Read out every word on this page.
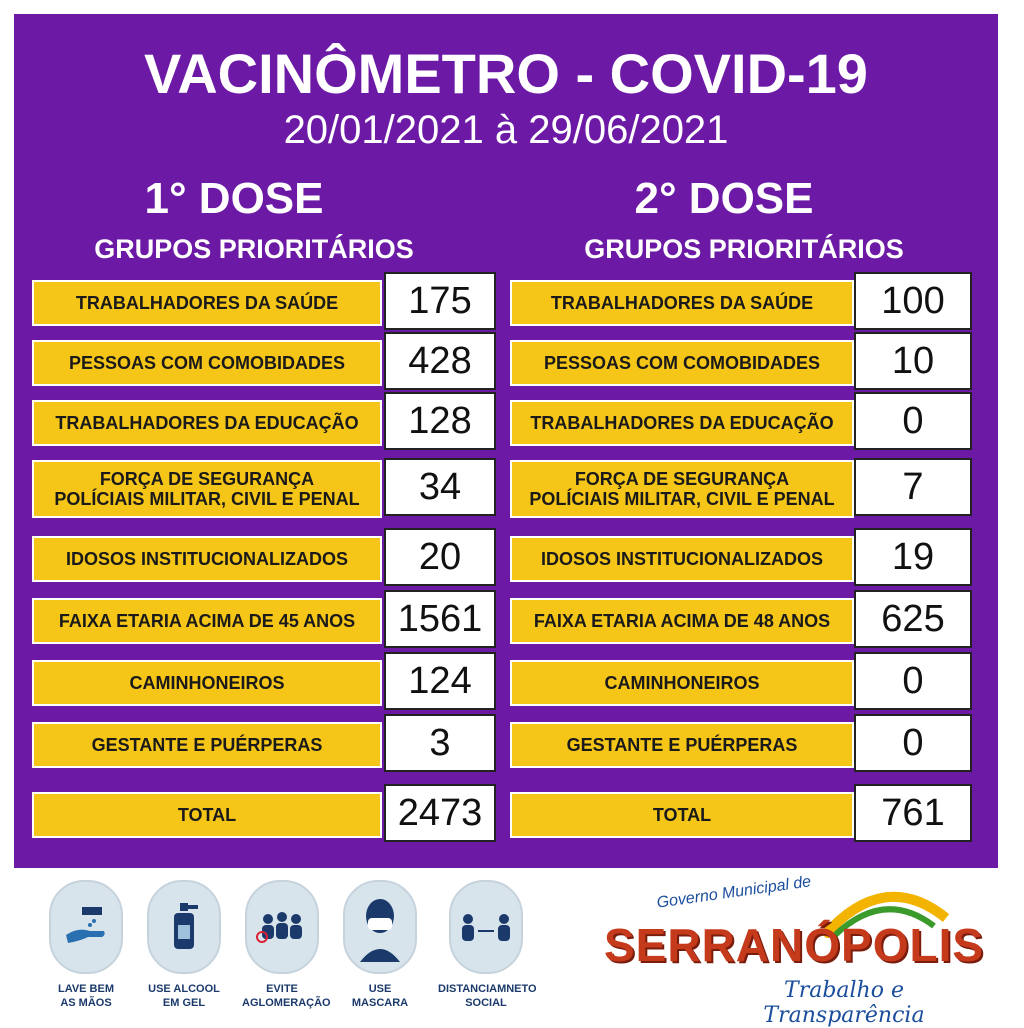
VACINÔMETRO - COVID-19
20/01/2021 à 29/06/2021
1° DOSE
GRUPOS PRIORITÁRIOS
2° DOSE
GRUPOS PRIORITÁRIOS
TRABALHADORES DA SAÚDE	175
PESSOAS COM COMOBIDADES	428
TRABALHADORES DA EDUCAÇÃO	128
FORÇA DE SEGURANÇA
POLÍCIAIS MILITAR, CIVIL E PENAL	34
IDOSOS INSTITUCIONALIZADOS	20
FAIXA ETARIA ACIMA DE 45 ANOS	1561
CAMINHONEIROS	124
GESTANTE E PUÉRPERAS	3
TOTAL	2473
TRABALHADORES DA SAÚDE	100
PESSOAS COM COMOBIDADES	10
TRABALHADORES DA EDUCAÇÃO	0
FORÇA DE SEGURANÇA
POLÍCIAIS MILITAR, CIVIL E PENAL	7
IDOSOS INSTITUCIONALIZADOS	19
FAIXA ETARIA ACIMA DE 48 ANOS	625
CAMINHONEIROS	0
GESTANTE E PUÉRPERAS	0
TOTAL	761
LAVE BEM
AS MÃOS
USE ALCOOL
EM GEL
EVITE
AGLOMERAÇÃO
USE
MASCARA
DISTANCIAMNETO
SOCIAL
Governo Municipal de
SERRANÓPOLIS
Trabalho e Transparência
